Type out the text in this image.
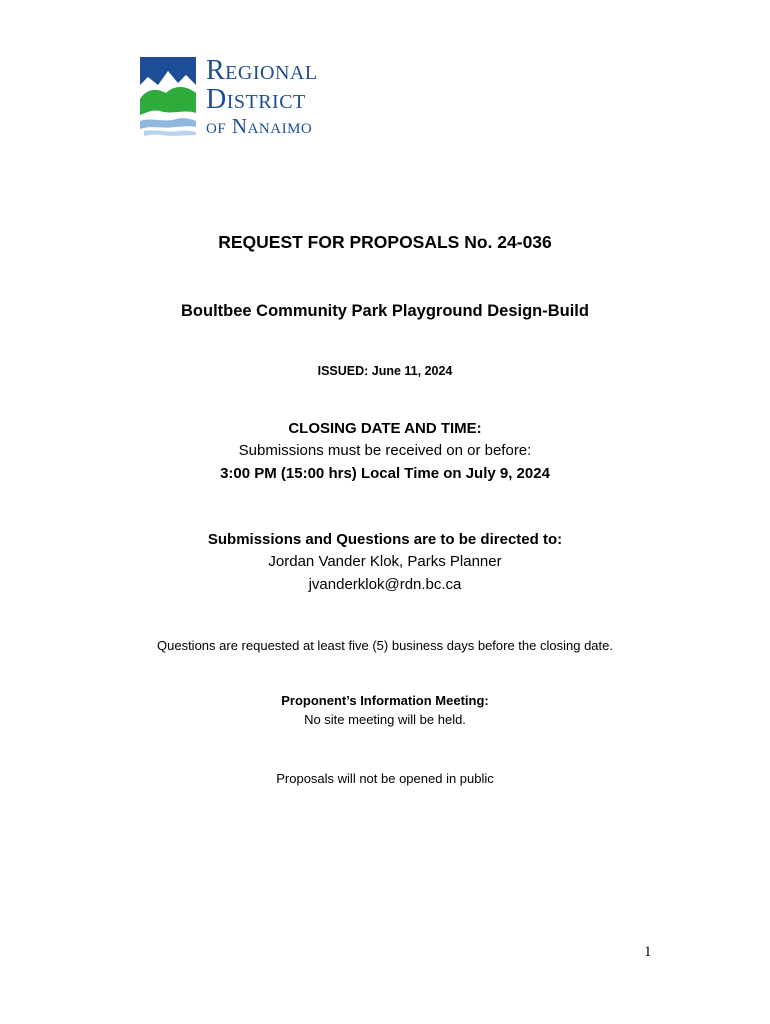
Regional
District
of Nanaimo
REQUEST FOR PROPOSALS No. 24-036
Boultbee Community Park Playground Design-Build
ISSUED: June 11, 2024
CLOSING DATE AND TIME:
Submissions must be received on or before:
3:00 PM (15:00 hrs) Local Time on July 9, 2024
Submissions and Questions are to be directed to:
Jordan Vander Klok, Parks Planner
jvanderklok@rdn.bc.ca
Questions are requested at least five (5) business days before the closing date.
Proponent’s Information Meeting:
No site meeting will be held.
Proposals will not be opened in public
1
